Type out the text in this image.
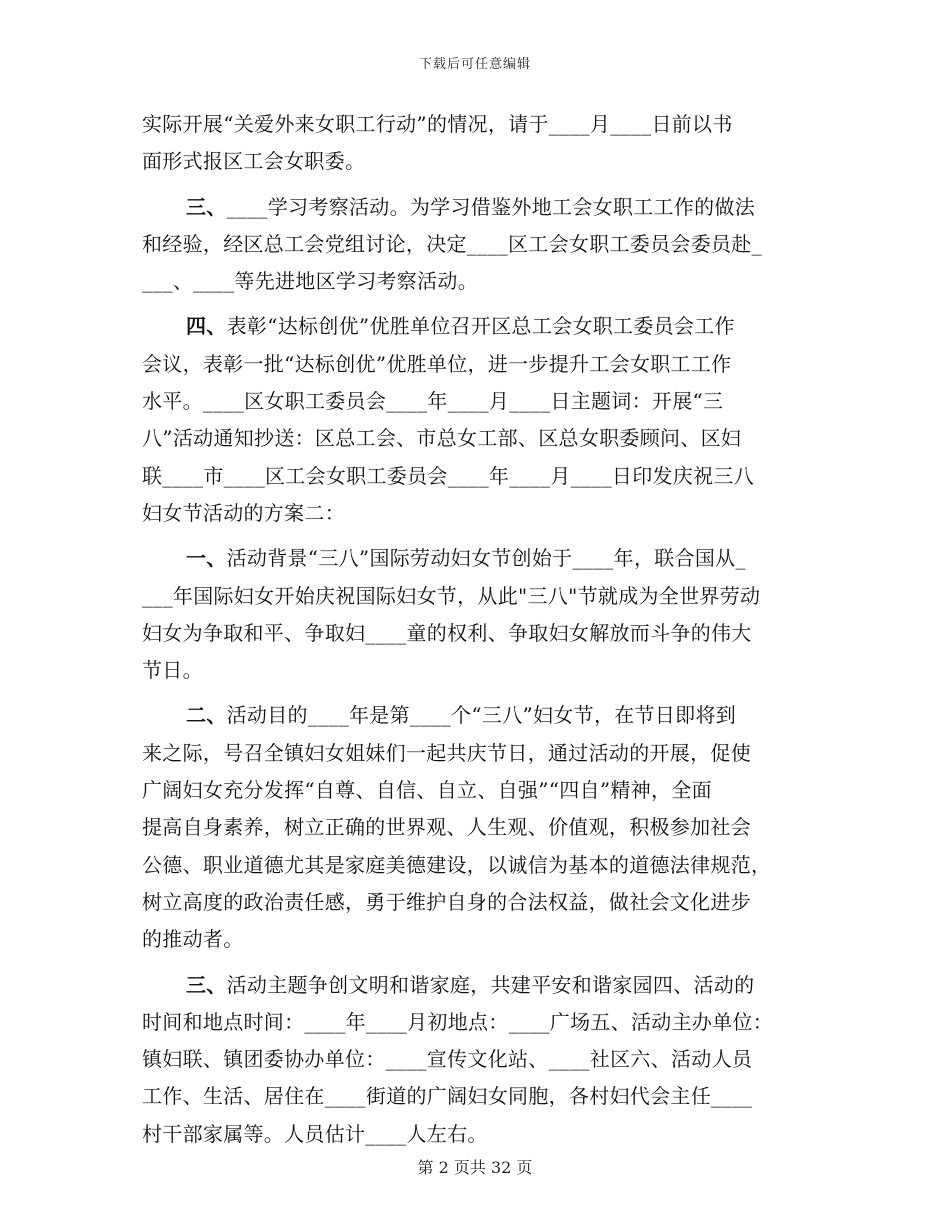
下载后可任意编辑
实际开展“关爱外来女职工行动”的情况，请于____月____日前以书
面形式报区工会女职委。
三、____学习考察活动。为学习借鉴外地工会女职工工作的做法
和经验，经区总工会党组讨论，决定____区工会女职工委员会委员赴_
___、____等先进地区学习考察活动。
四、表彰“达标创优”优胜单位召开区总工会女职工委员会工作
会议，表彰一批“达标创优”优胜单位，进一步提升工会女职工工作
水平。____区女职工委员会____年____月____日主题词：开展“三
八”活动通知抄送：区总工会、市总女工部、区总女职委顾问、区妇
联____市____区工会女职工委员会____年____月____日印发庆祝三八
妇女节活动的方案二：
一、活动背景“三八”国际劳动妇女节创始于____年，联合国从_
___年国际妇女开始庆祝国际妇女节，从此"三八"节就成为全世界劳动
妇女为争取和平、争取妇____童的权利、争取妇女解放而斗争的伟大
节日。
二、活动目的____年是第____个“三八”妇女节，在节日即将到
来之际，号召全镇妇女姐妹们一起共庆节日，通过活动的开展，促使
广阔妇女充分发挥“自尊、自信、自立、自强”“四自”精神，全面
提高自身素养，树立正确的世界观、人生观、价值观，积极参加社会
公德、职业道德尤其是家庭美德建设，以诚信为基本的道德法律规范，
树立高度的政治责任感，勇于维护自身的合法权益，做社会文化进步
的推动者。
三、活动主题争创文明和谐家庭，共建平安和谐家园四、活动的
时间和地点时间：____年____月初地点：____广场五、活动主办单位：
镇妇联、镇团委协办单位：____宣传文化站、____社区六、活动人员
工作、生活、居住在____街道的广阔妇女同胞，各村妇代会主任____
村干部家属等。人员估计____人左右。
第 2 页共 32 页
